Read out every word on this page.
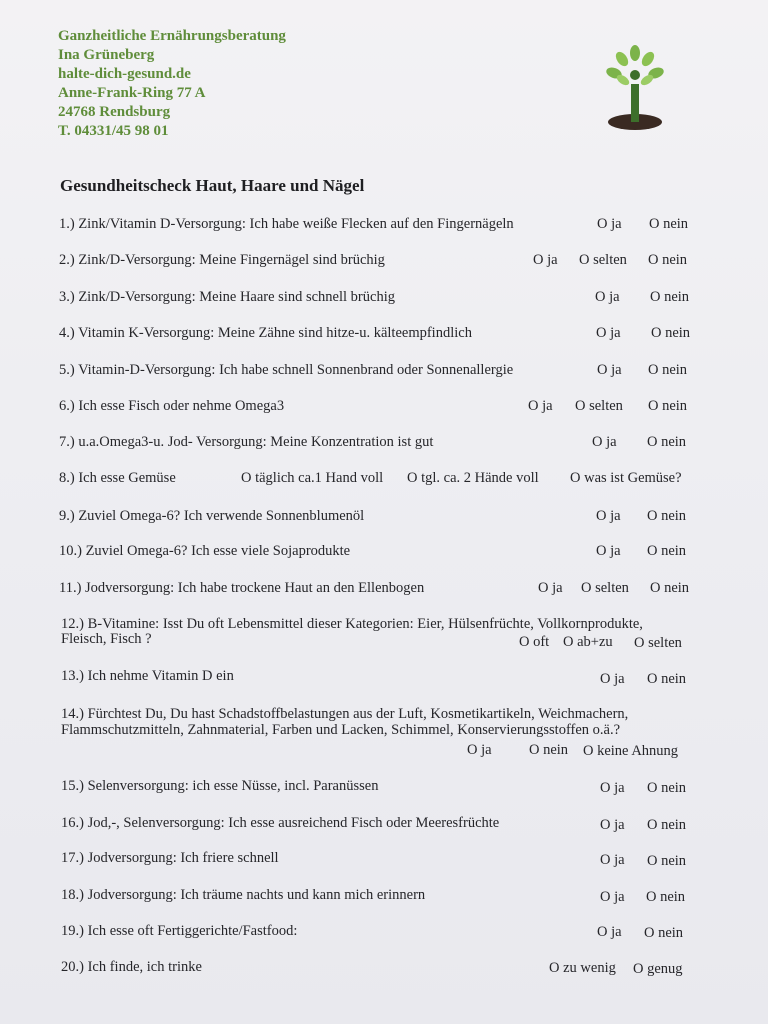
Ganzheitliche Ernährungsberatung
Ina Grüneberg
halte-dich-gesund.de
Anne-Frank-Ring 77 A
24768 Rendsburg
T. 04331/45 98 01
Gesundheitscheck Haut, Haare und Nägel
1.) Zink/Vitamin D-Versorgung: Ich habe weiße Flecken auf den Fingernägeln	O ja O nein
2.) Zink/D-Versorgung: Meine Fingernägel sind brüchig	O ja O selten O nein
3.) Zink/D-Versorgung: Meine Haare sind schnell brüchig	O ja O nein
4.) Vitamin K-Versorgung: Meine Zähne sind hitze-u. kälteempfindlich	O ja O nein
5.) Vitamin-D-Versorgung: Ich habe schnell Sonnenbrand oder Sonnenallergie	O ja O nein
6.) Ich esse Fisch oder nehme Omega3	O ja O selten O nein
7.) u.a.Omega3-u. Jod- Versorgung: Meine Konzentration ist gut	O ja O nein
8.) Ich esse Gemüse	O täglich ca.1 Hand voll O tgl. ca. 2 Hände voll O was ist Gemüse?
9.) Zuviel Omega-6? Ich verwende Sonnenblumenöl	O ja O nein
10.) Zuviel Omega-6? Ich esse viele Sojaprodukte	O ja O nein
11.) Jodversorgung: Ich habe trockene Haut an den Ellenbogen	O ja O selten O nein
12.) B-Vitamine: Isst Du oft Lebensmittel dieser Kategorien: Eier, Hülsenfrüchte, Vollkornprodukte,
Fleisch, Fisch ?	O oft O ab+zu O selten
13.) Ich nehme Vitamin D ein	O ja O nein
14.) Fürchtest Du, Du hast Schadstoffbelastungen aus der Luft, Kosmetikartikeln, Weichmachern,
Flammschutzmitteln, Zahnmaterial, Farben und Lacken, Schimmel, Konservierungsstoffen o.ä.?
O ja	O nein O keine Ahnung
15.) Selenversorgung: ich esse Nüsse, incl. Paranüssen	O ja O nein
16.) Jod,-, Selenversorgung: Ich esse ausreichend Fisch oder Meeresfrüchte	O ja O nein
17.) Jodversorgung: Ich friere schnell	O ja O nein
18.) Jodversorgung: Ich träume nachts und kann mich erinnern	O ja O nein
19.) Ich esse oft Fertiggerichte/Fastfood:	O ja O nein
20.) Ich finde, ich trinke	O zu wenig O genug
